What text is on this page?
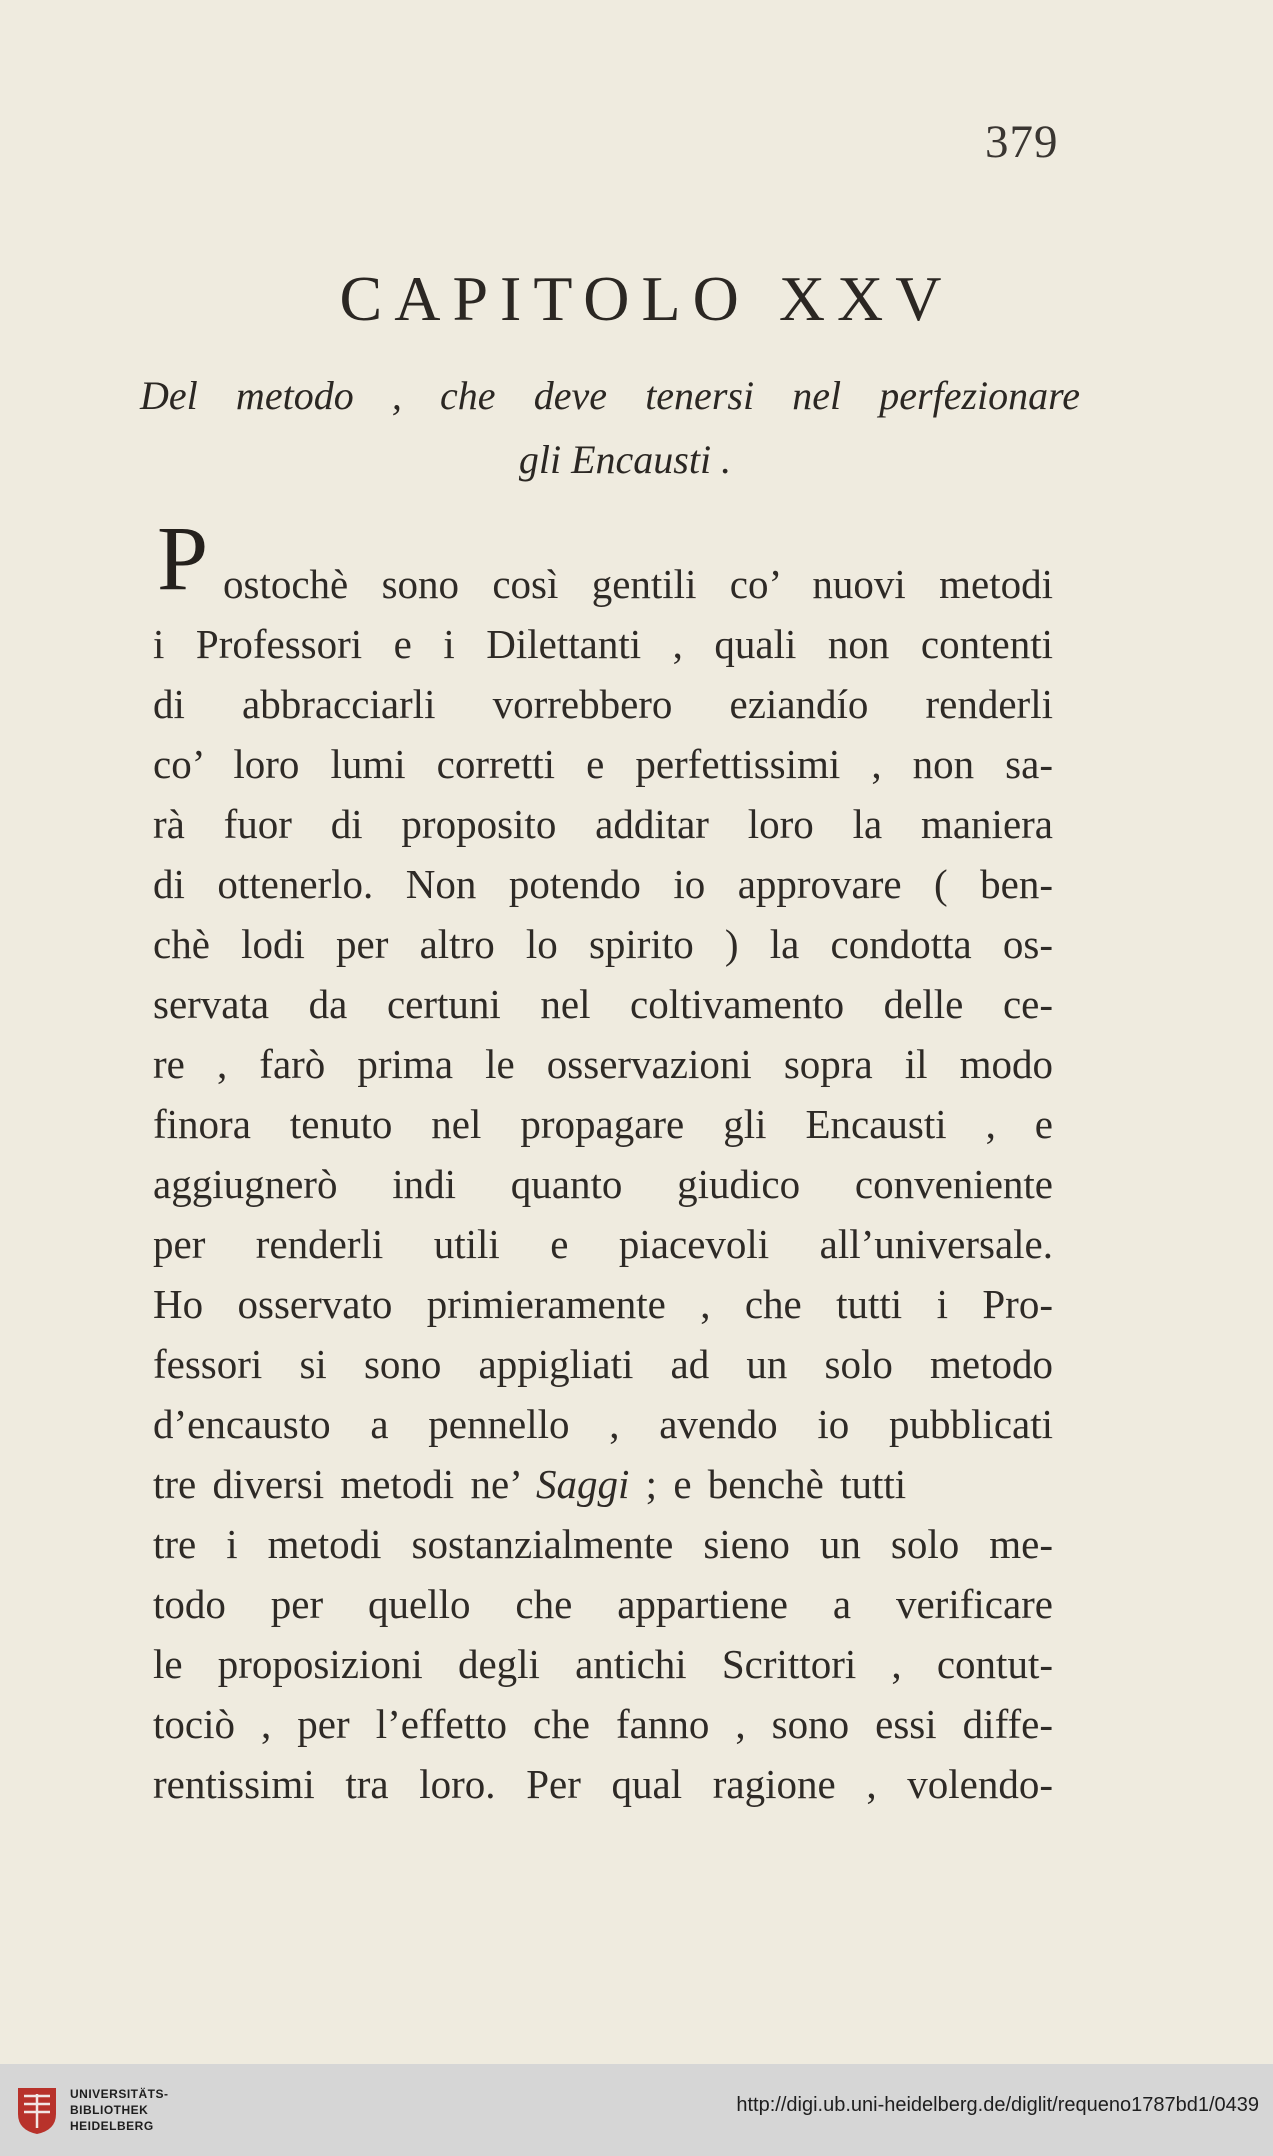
379
CAPITOLO XXV
Del metodo , che deve tenersi nel perfezionare
gli Encausti .
P ostochè sono così gentili co’ nuovi metodi
i Professori e i Dilettanti , quali non contenti
di abbracciarli vorrebbero eziandío renderli
co’ loro lumi corretti e perfettissimi , non sa-
rà fuor di proposito additar loro la maniera
di ottenerlo. Non potendo io approvare ( ben-
chè lodi per altro lo spirito ) la condotta os-
servata da certuni nel coltivamento delle ce-
re , farò prima le osservazioni sopra il modo
finora tenuto nel propagare gli Encausti , e
aggiugnerò indi quanto giudico conveniente
per renderli utili e piacevoli all’universale.
Ho osservato primieramente , che tutti i Pro-
fessori si sono appigliati ad un solo metodo
d’encausto a pennello , avendo io pubblicati
tre diversi metodi ne’ Saggi ; e benchè tutti
tre i metodi sostanzialmente sieno un solo me-
todo per quello che appartiene a verificare
le proposizioni degli antichi Scrittori , contut-
tociò , per l’effetto che fanno , sono essi diffe-
rentissimi tra loro. Per qual ragione , volendo-
UNIVERSITÄTS-
BIBLIOTHEK
HEIDELBERG
http://digi.ub.uni-heidelberg.de/diglit/requeno1787bd1/0439
